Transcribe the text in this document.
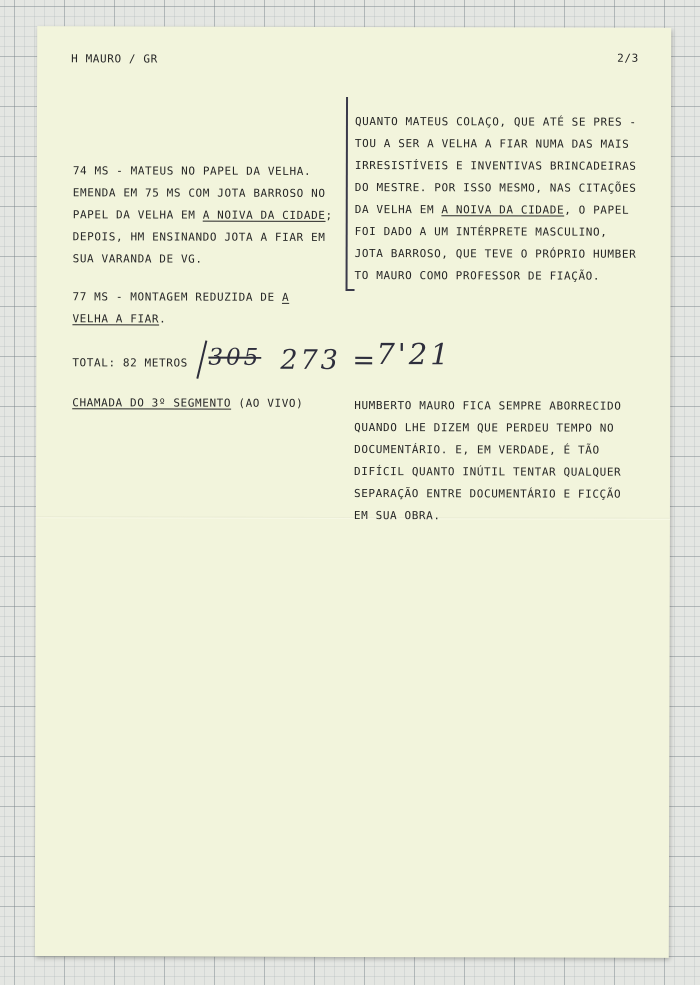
H MAURO / GR	2/3

74 MS - MATEUS NO PAPEL DA VELHA.

EMENDA EM 75 MS COM JOTA BARROSO NO

PAPEL DA VELHA EM A NOIVA DA CIDADE;

DEPOIS, HM ENSINANDO JOTA A FIAR EM

SUA VARANDA DE VG.

77 MS - MONTAGEM REDUZIDA DE A

VELHA A FIAR.

TOTAL: 82 METROS 305 273 =
7'21

CHAMADA DO 3º SEGMENTO (AO VIVO)

QUANTO MATEUS COLAÇO, QUE ATÉ SE PRES -

TOU A SER A VELHA A FIAR NUMA DAS MAIS

IRRESISTÍVEIS E INVENTIVAS BRINCADEIRAS

DO MESTRE. POR ISSO MESMO, NAS CITAÇÕES

DA VELHA EM A NOIVA DA CIDADE, O PAPEL

FOI DADO A UM INTÉRPRETE MASCULINO,

JOTA BARROSO, QUE TEVE O PRÓPRIO HUMBER

TO MAURO COMO PROFESSOR DE FIAÇÃO.

HUMBERTO MAURO FICA SEMPRE ABORRECIDO

QUANDO LHE DIZEM QUE PERDEU TEMPO NO

DOCUMENTÁRIO. E, EM VERDADE, É TÃO

DIFÍCIL QUANTO INÚTIL TENTAR QUALQUER

SEPARAÇÃO ENTRE DOCUMENTÁRIO E FICÇÃO

EM SUA OBRA.
